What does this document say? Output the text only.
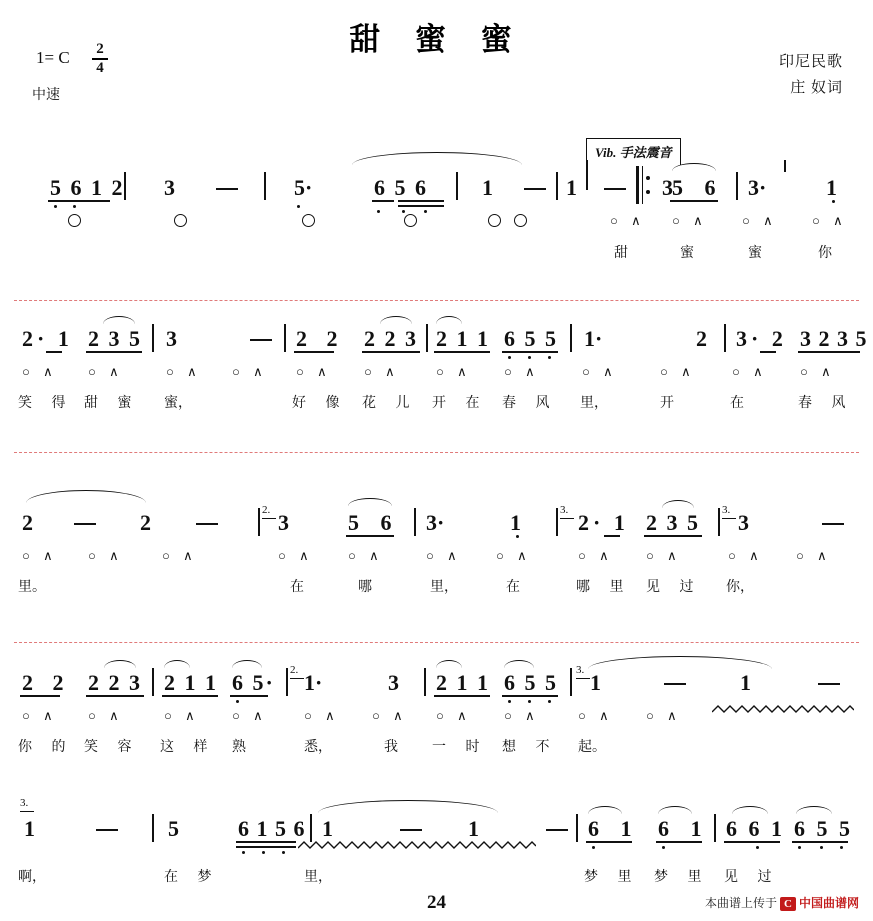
甜 蜜 蜜
1= C 2
4
中速
印尼民歌
庄 奴词
Vib. 手法震音
5 6 1 2 3	5·	6 5 6 1	1	3 5 6 3·	1
○ ∧ ○ ∧	○ ∧	○ ∧
甜	蜜	蜜	你
2· 1 2 3 5 3	2 2 2 2 3 2 1 1 6 5 5 1·	2 3· 2 3 2 3 5
○ ∧ ○ ∧	○ ∧ ○ ∧ ○ ∧ ○ ∧	○ ∧ ○ ∧	○ ∧	○ ∧	○ ∧ ○ ∧
笑 得 甜 蜜 蜜，	好 像 花 儿 开 在 春 风 里，	开	在	春 风
2	2	2. 3	5 6 3·	1	3. 2· 1 2 3 5 3. 3
○ ∧ ○ ∧	○ ∧	○ ∧	○ ∧	○ ∧	○ ∧	○ ∧ ○ ∧	○ ∧ ○ ∧
里。	在	哪	里，	在	哪 里 见 过 你，
2 2 2 2 3 2 1 1 6 5· 2. 1·	3 2 1 1 6 5 5 3. 1	1
○ ∧ ○ ∧	○ ∧ ○ ∧	○ ∧ ○ ∧ ○ ∧ ○ ∧	○ ∧ ○ ∧
你 的 笑 容 这 样 熟	悉，	我 一 时 想 不 起。
3.
1	5	6 1 5 6 1	1	6 1 6 1 6 6 1 6 5 5
啊，	在 梦	里，	梦 里 梦 里 见 过
24	本曲谱上传于 C 中国曲谱网
